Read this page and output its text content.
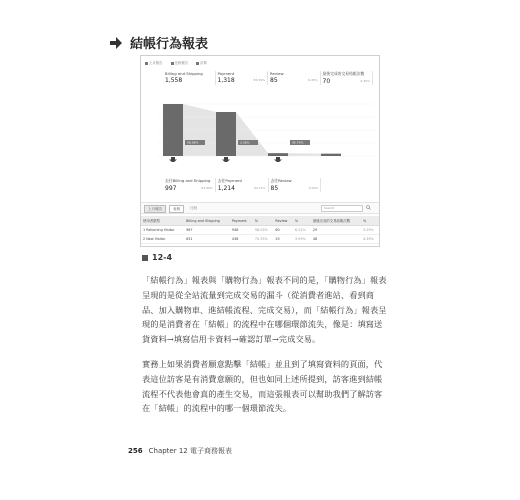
結帳行為報表
上月報告	比較報告	計算
Billing and Shipping
1,558
Payment
1,318	85.59%
Review
85	6.45%
最後完成的交易結帳次數
70	0.30%
56.06%	3.36%	95.79%
去往Billing and Shipping
997	63.99%
去往Payment
1,214	92.11%
去往Review
85	0.00%
上月報告	表格	比較	Search
使用者類型	Billing and Shipping	Payment	%	Review	%	最後完成的交易結帳次數	%
1 Returning Visitor	967	948	98.03%	60	6.22%	29	3.29%
2 New Visitor	631	438	70.33%	25	3.99%	48	4.39%
12-4
「結帳行為」報表與「購物行為」報表不同的是，「購物行為」報表呈現的是從全站流量到完成交易的漏斗（從消費者進站、看到商品、加入購物車、進結帳流程、完成交易），而「結帳行為」報表呈現的是消費者在「結帳」的流程中在哪個環節流失，像是：填寫送貨資料→填寫信用卡資料→確認訂單→完成交易。
實務上如果消費者願意點擊「結帳」並且到了填寫資料的頁面，代表這位訪客是有消費意願的，但也如同上述所提到，訪客進到結帳流程不代表他會真的產生交易，而這張報表可以幫助我們了解訪客在「結帳」的流程中的哪一個環節流失。
256 Chapter 12 電子商務報表
